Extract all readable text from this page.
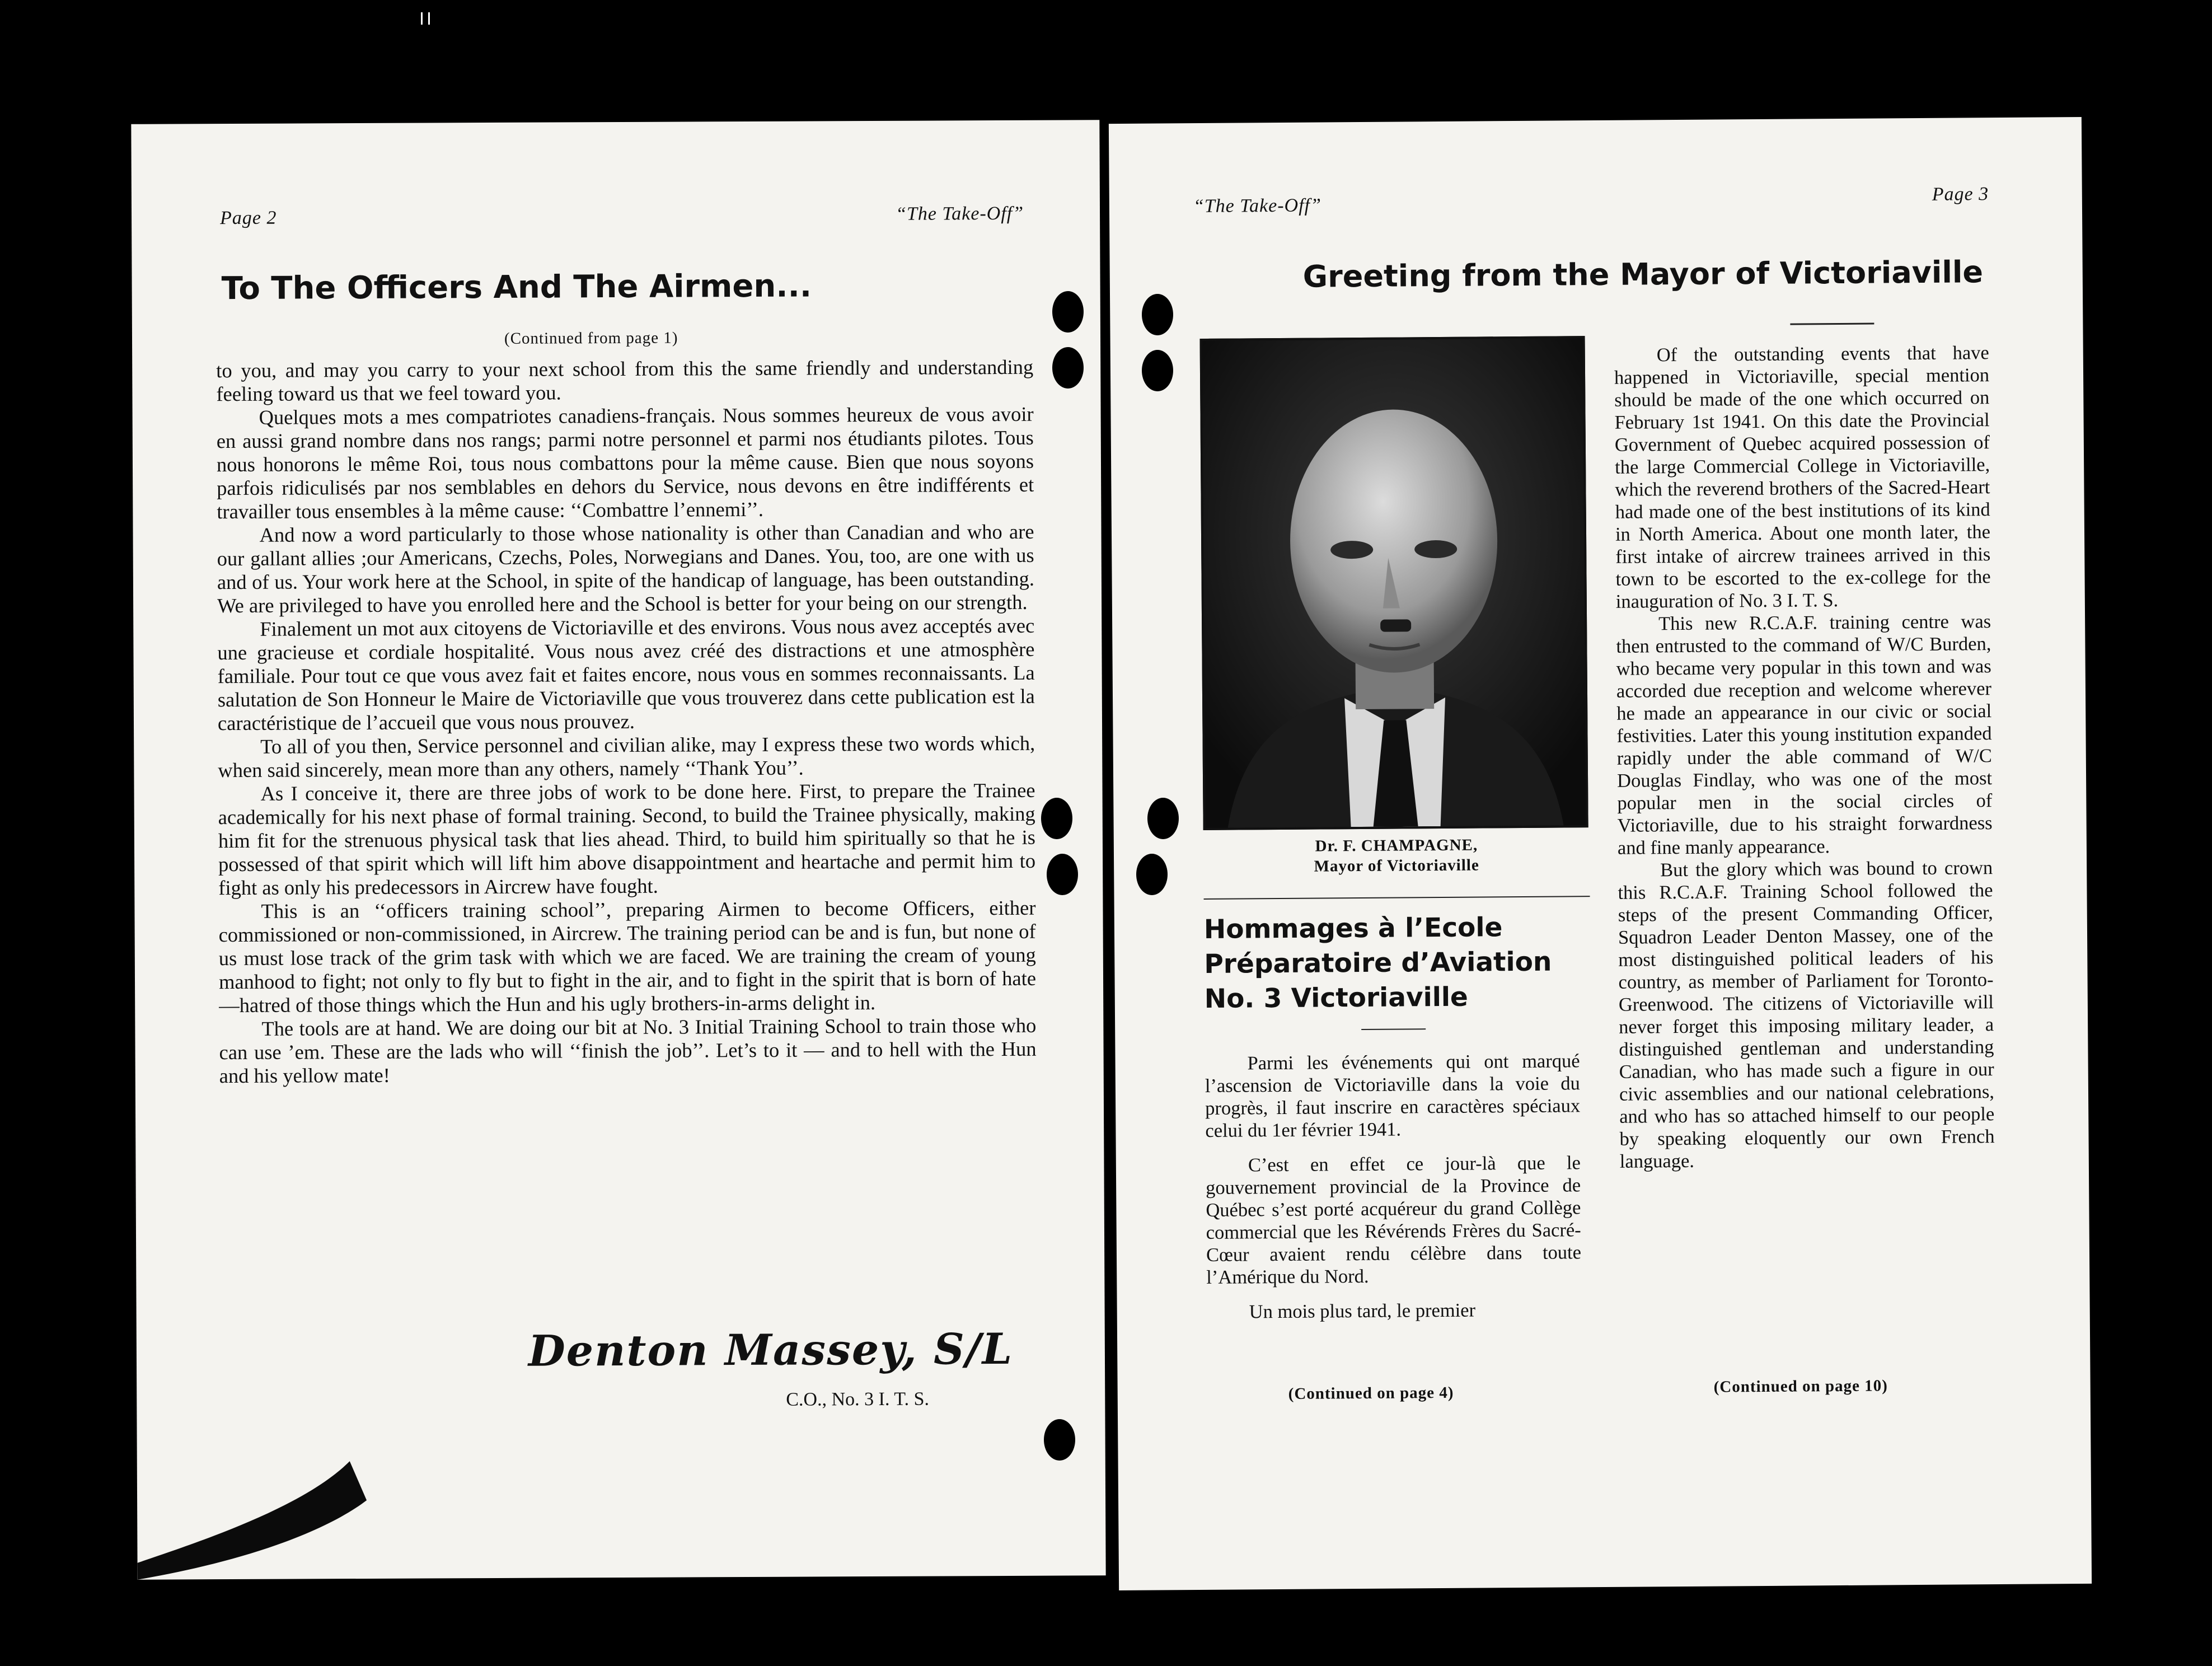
Page 2	“The Take-Off”
To The Officers And The Airmen...
(Continued from page 1)

to you, and may you carry to your next school from this the same friendly and understanding feeling toward us that we feel toward you.

Quelques mots a mes compatriotes canadiens-français. Nous sommes heureux de vous avoir en aussi grand nombre dans nos rangs; parmi notre personnel et parmi nos étudiants pilotes. Tous nous honorons le même Roi, tous nous combattons pour la même cause. Bien que nous soyons parfois ridiculisés par nos semblables en dehors du Service, nous devons en être indifférents et travailler tous ensembles à la même cause: ‘‘Combattre l’ennemi’’.

And now a word particularly to those whose nationality is other than Canadian and who are our gallant allies ;our Americans, Czechs, Poles, Norwegians and Danes. You, too, are one with us and of us. Your work here at the School, in spite of the handicap of language, has been outstanding. We are privileged to have you enrolled here and the School is better for your being on our strength.

Finalement un mot aux citoyens de Victoriaville et des environs. Vous nous avez acceptés avec une gracieuse et cordiale hospitalité. Vous nous avez créé des distractions et une atmosphère familiale. Pour tout ce que vous avez fait et faites encore, nous vous en sommes reconnaissants. La salutation de Son Honneur le Maire de Victoriaville que vous trouverez dans cette publication est la caractéristique de l’accueil que vous nous prouvez.

To all of you then, Service personnel and civilian alike, may I express these two words which, when said sincerely, mean more than any others, namely ‘‘Thank You’’.

As I conceive it, there are three jobs of work to be done here. First, to prepare the Trainee academically for his next phase of formal training. Second, to build the Trainee physically, making him fit for the strenuous physical task that lies ahead. Third, to build him spiritually so that he is possessed of that spirit which will lift him above disappointment and heartache and permit him to fight as only his predecessors in Aircrew have fought.

This is an ‘‘officers training school’’, preparing Airmen to become Officers, either commissioned or non-commissioned, in Aircrew. The training period can be and is fun, but none of us must lose track of the grim task with which we are faced. We are training the cream of young manhood to fight; not only to fly but to fight in the air, and to fight in the spirit that is born of hate—hatred of those things which the Hun and his ugly brothers-in-arms delight in.

The tools are at hand. We are doing our bit at No. 3 Initial Training School to train those who can use ’em. These are the lads who will ‘‘finish the job’’. Let’s to it — and to hell with the Hun and his yellow mate!

Denton Massey, S/L
C.O., No. 3 I. T. S.
“The Take-Off”
Page 3
Greeting from the Mayor of Victoriaville
Dr. F. CHAMPAGNE,
Mayor of Victoriaville
Hommages à l’Ecole
Préparatoire d’Aviation
No. 3 Victoriaville

Parmi les événements qui ont marqué l’ascension de Victoriaville dans la voie du progrès, il faut inscrire en caractères spéciaux celui du 1er février 1941.

C’est en effet ce jour-là que le gouvernement provincial de la Province de Québec s’est porté acquéreur du grand Collège commercial que les Révérends Frères du Sacré-Cœur avaient rendu célèbre dans toute l’Amérique du Nord.

Un mois plus tard, le premier

(Continued on page 4)

Of the outstanding events that have happened in Victoriaville, special mention should be made of the one which occurred on February 1st 1941. On this date the Provincial Government of Quebec acquired possession of the large Commercial College in Victoriaville, which the reverend brothers of the Sacred-Heart had made one of the best institutions of its kind in North America. About one month later, the first intake of aircrew trainees arrived in this town to be escorted to the ex-college for the inauguration of No. 3 I. T. S.

This new R.C.A.F. training centre was then entrusted to the command of W/C Burden, who became very popular in this town and was accorded due reception and welcome wherever he made an appearance in our civic or social festivities. Later this young institution expanded rapidly under the able command of W/C Douglas Findlay, who was one of the most popular men in the social circles of Victoriaville, due to his straight forwardness and fine manly appearance.

But the glory which was bound to crown this R.C.A.F. Training School followed the steps of the present Commanding Officer, Squadron Leader Denton Massey, one of the most distinguished political leaders of his country, as member of Parliament for Toronto-Greenwood. The citizens of Victoriaville will never forget this imposing military leader, a distinguished gentleman and understanding Canadian, who has made such a figure in our civic assemblies and our national celebrations, and who has so attached himself to our people by speaking eloquently our own French language.

(Continued on page 10)
